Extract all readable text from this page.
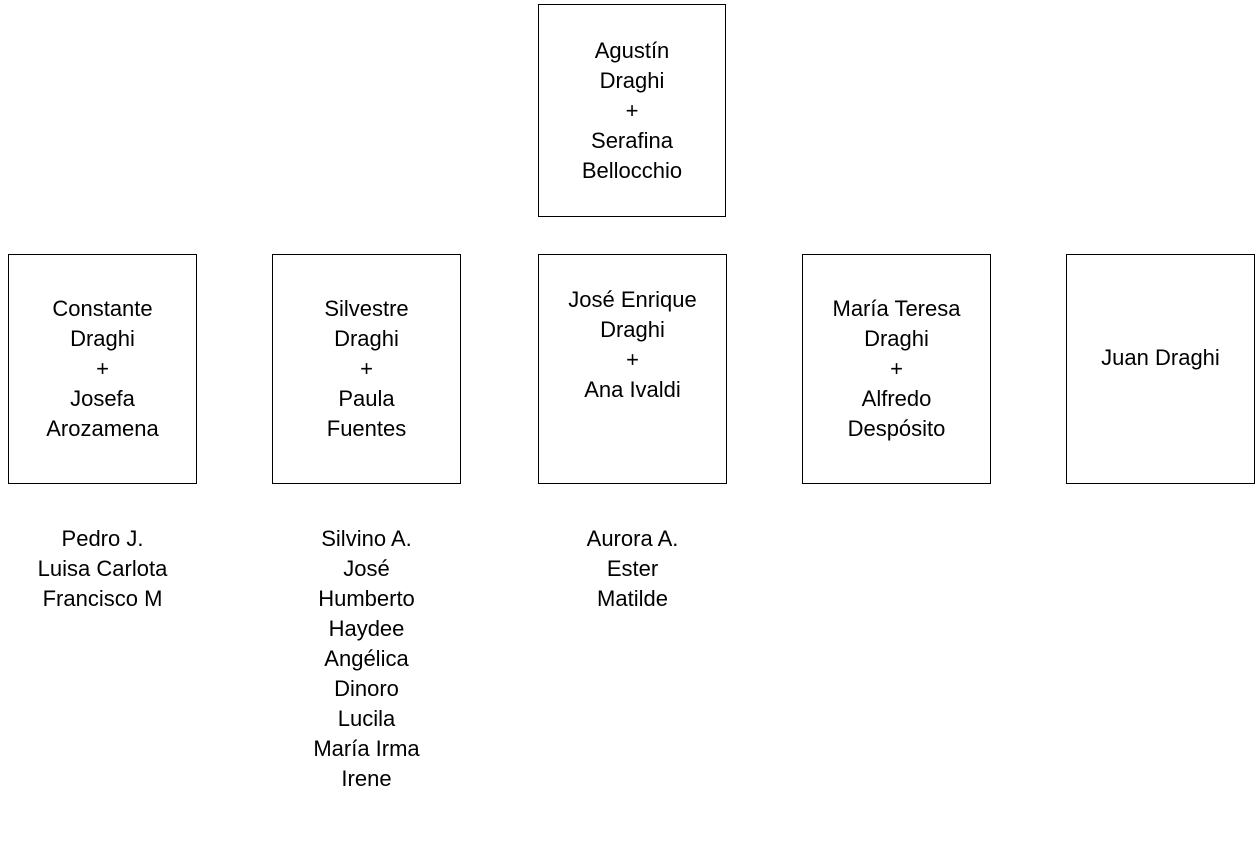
Agustín
Draghi
+
Serafina
Bellocchio
Constante
Draghi
+
Josefa
Arozamena
Silvestre
Draghi
+
Paula
Fuentes
José Enrique
Draghi
+
Ana Ivaldi
María Teresa
Draghi
+
Alfredo
Despósito
Juan Draghi
Pedro J.
Luisa Carlota
Francisco M
Silvino A.
José
Humberto
Haydee
Angélica
Dinoro
Lucila
María Irma
Irene
Aurora A.
Ester
Matilde
